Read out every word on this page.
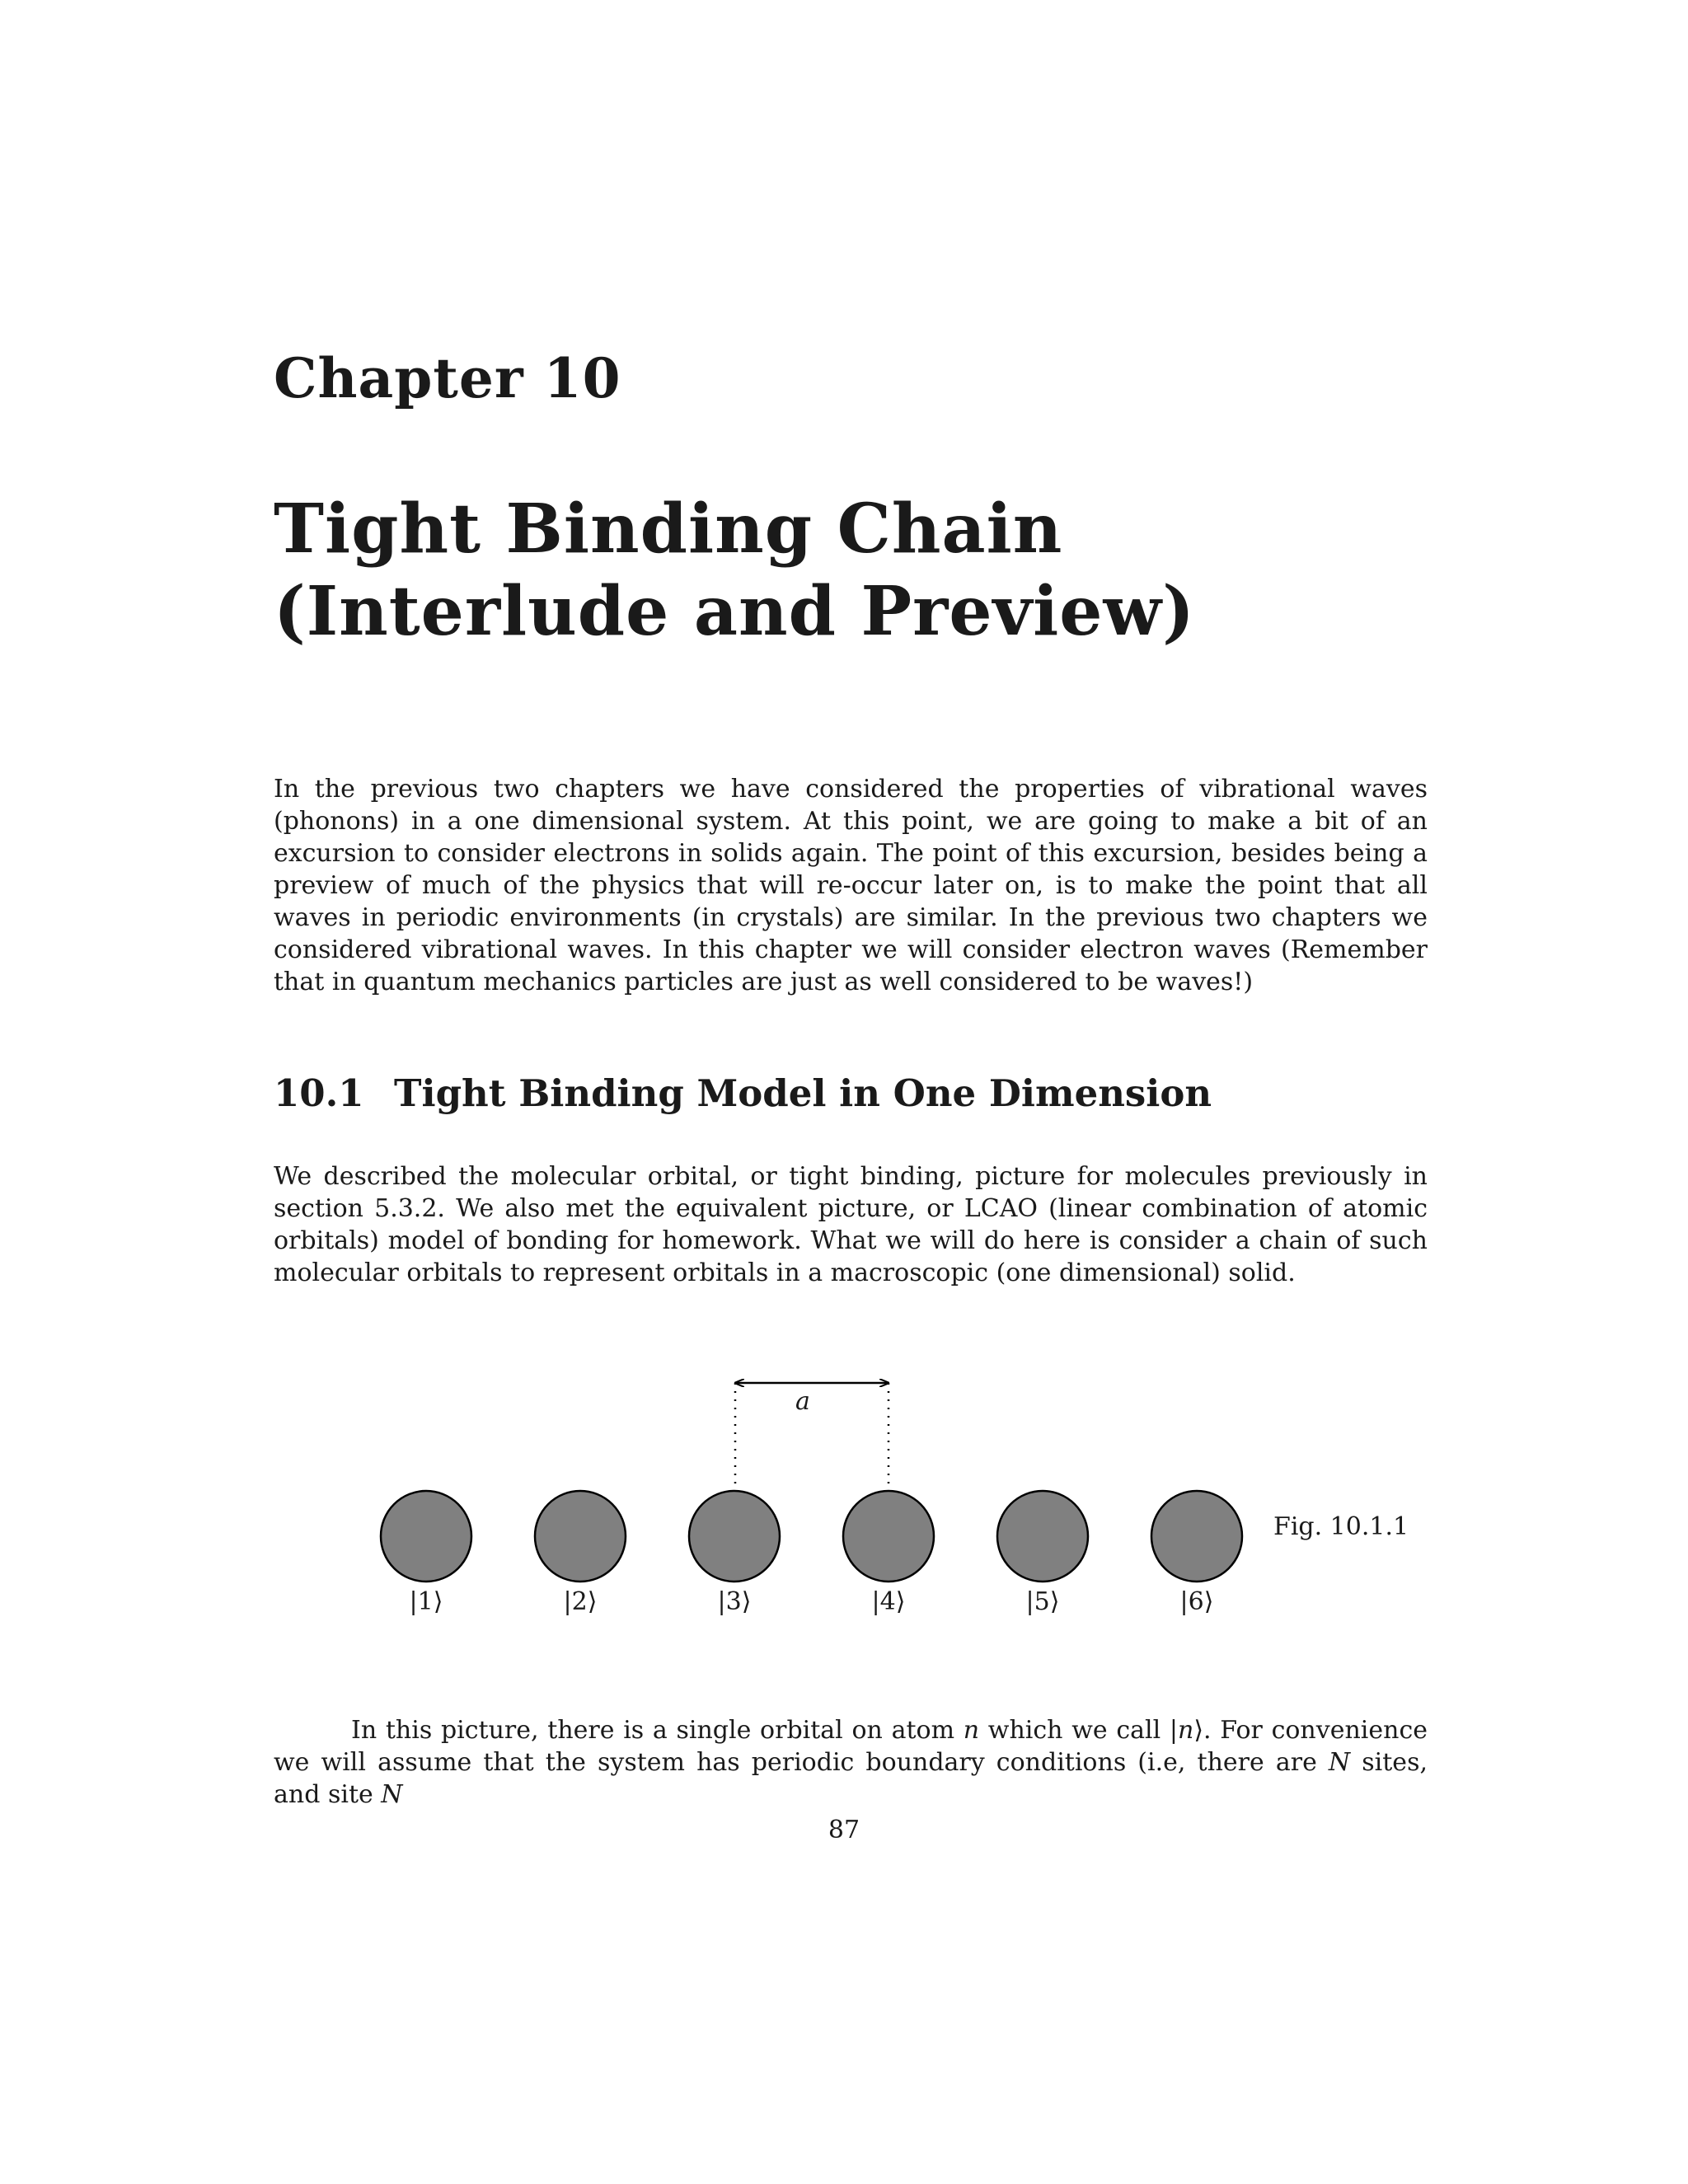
Chapter 10
Tight Binding Chain (Interlude and Preview)

In the previous two chapters we have considered the properties of vibrational waves (phonons) in a one dimensional system. At this point, we are going to make a bit of an excursion to consider electrons in solids again. The point of this excursion, besides being a preview of much of the physics that will re-occur later on, is to make the point that all waves in periodic environments (in crystals) are similar. In the previous two chapters we considered vibrational waves. In this chapter we will consider electron waves (Remember that in quantum mechanics particles are just as well considered to be waves!)

10.1 Tight Binding Model in One Dimension

We described the molecular orbital, or tight binding, picture for molecules previously in section 5.3.2. We also met the equivalent picture, or LCAO (linear combination of atomic orbitals) model of bonding for homework. What we will do here is consider a chain of such molecular orbitals to represent orbitals in a macroscopic (one dimensional) solid.

a

Fig. 10.1.1

|1⟩	|2⟩	|3⟩	|4⟩	|5⟩	|6⟩

In this picture, there is a single orbital on atom n which we call |n⟩. For convenience we will assume that the system has periodic boundary conditions (i.e, there are N sites, and site N

87
